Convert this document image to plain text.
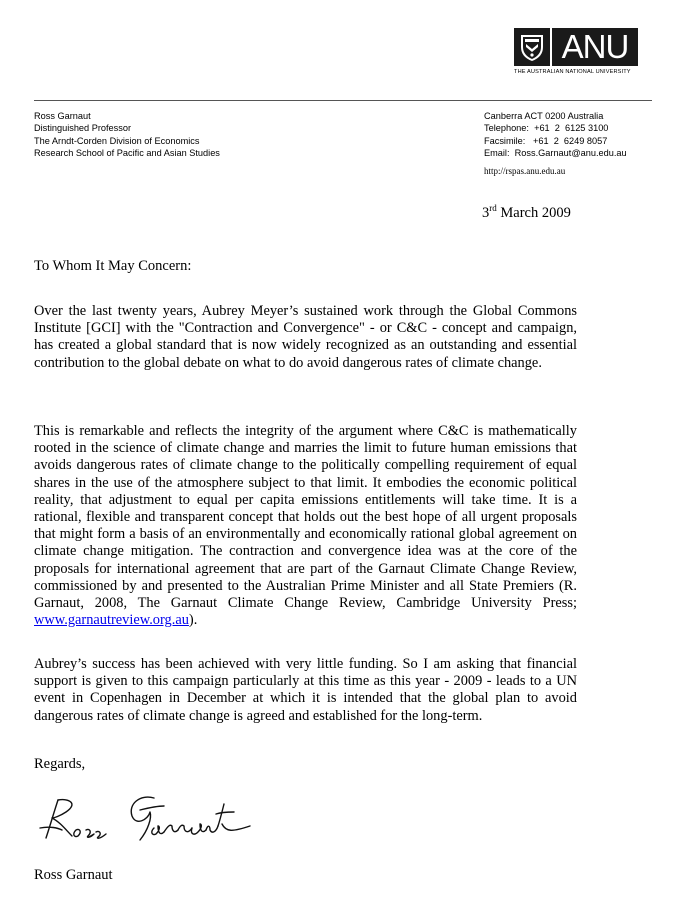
ANU
THE AUSTRALIAN NATIONAL UNIVERSITY
Ross Garnaut
Distinguished Professor
The Arndt-Corden Division of Economics
Research School of Pacific and Asian Studies
Canberra ACT 0200 Australia
Telephone: +61  2  6125 3100
Facsimile: +61  2  6249 8057
Email: Ross.Garnaut@anu.edu.au
http://rspas.anu.edu.au
3rd March 2009
To Whom It May Concern:
Over the last twenty years, Aubrey Meyer’s sustained work through the Global Commons Institute [GCI] with the "Contraction and Convergence" - or C&C - concept and campaign, has created a global standard that is now widely recognized as an outstanding and essential contribution to the global debate on what to do avoid dangerous rates of climate change.
This is remarkable and reflects the integrity of the argument where C&C is mathematically rooted in the science of climate change and marries the limit to future human emissions that avoids dangerous rates of climate change to the politically compelling requirement of equal shares in the use of the atmosphere subject to that limit. It embodies the economic political reality, that adjustment to equal per capita emissions entitlements will take time. It is a rational, flexible and transparent concept that holds out the best hope of all urgent proposals that might form a basis of an environmentally and economically rational global agreement on climate change mitigation. The contraction and convergence idea was at the core of the proposals for international agreement that are part of the Garnaut Climate Change Review, commissioned by and presented to the Australian Prime Minister and all State Premiers (R. Garnaut, 2008, The Garnaut Climate Change Review, Cambridge University Press; www.garnautreview.org.au).
Aubrey’s success has been achieved with very little funding. So I am asking that financial support is given to this campaign particularly at this time as this year - 2009 - leads to a UN event in Copenhagen in December at which it is intended that the global plan to avoid dangerous rates of climate change is agreed and established for the long-term.
Regards,
Ross Garnaut
